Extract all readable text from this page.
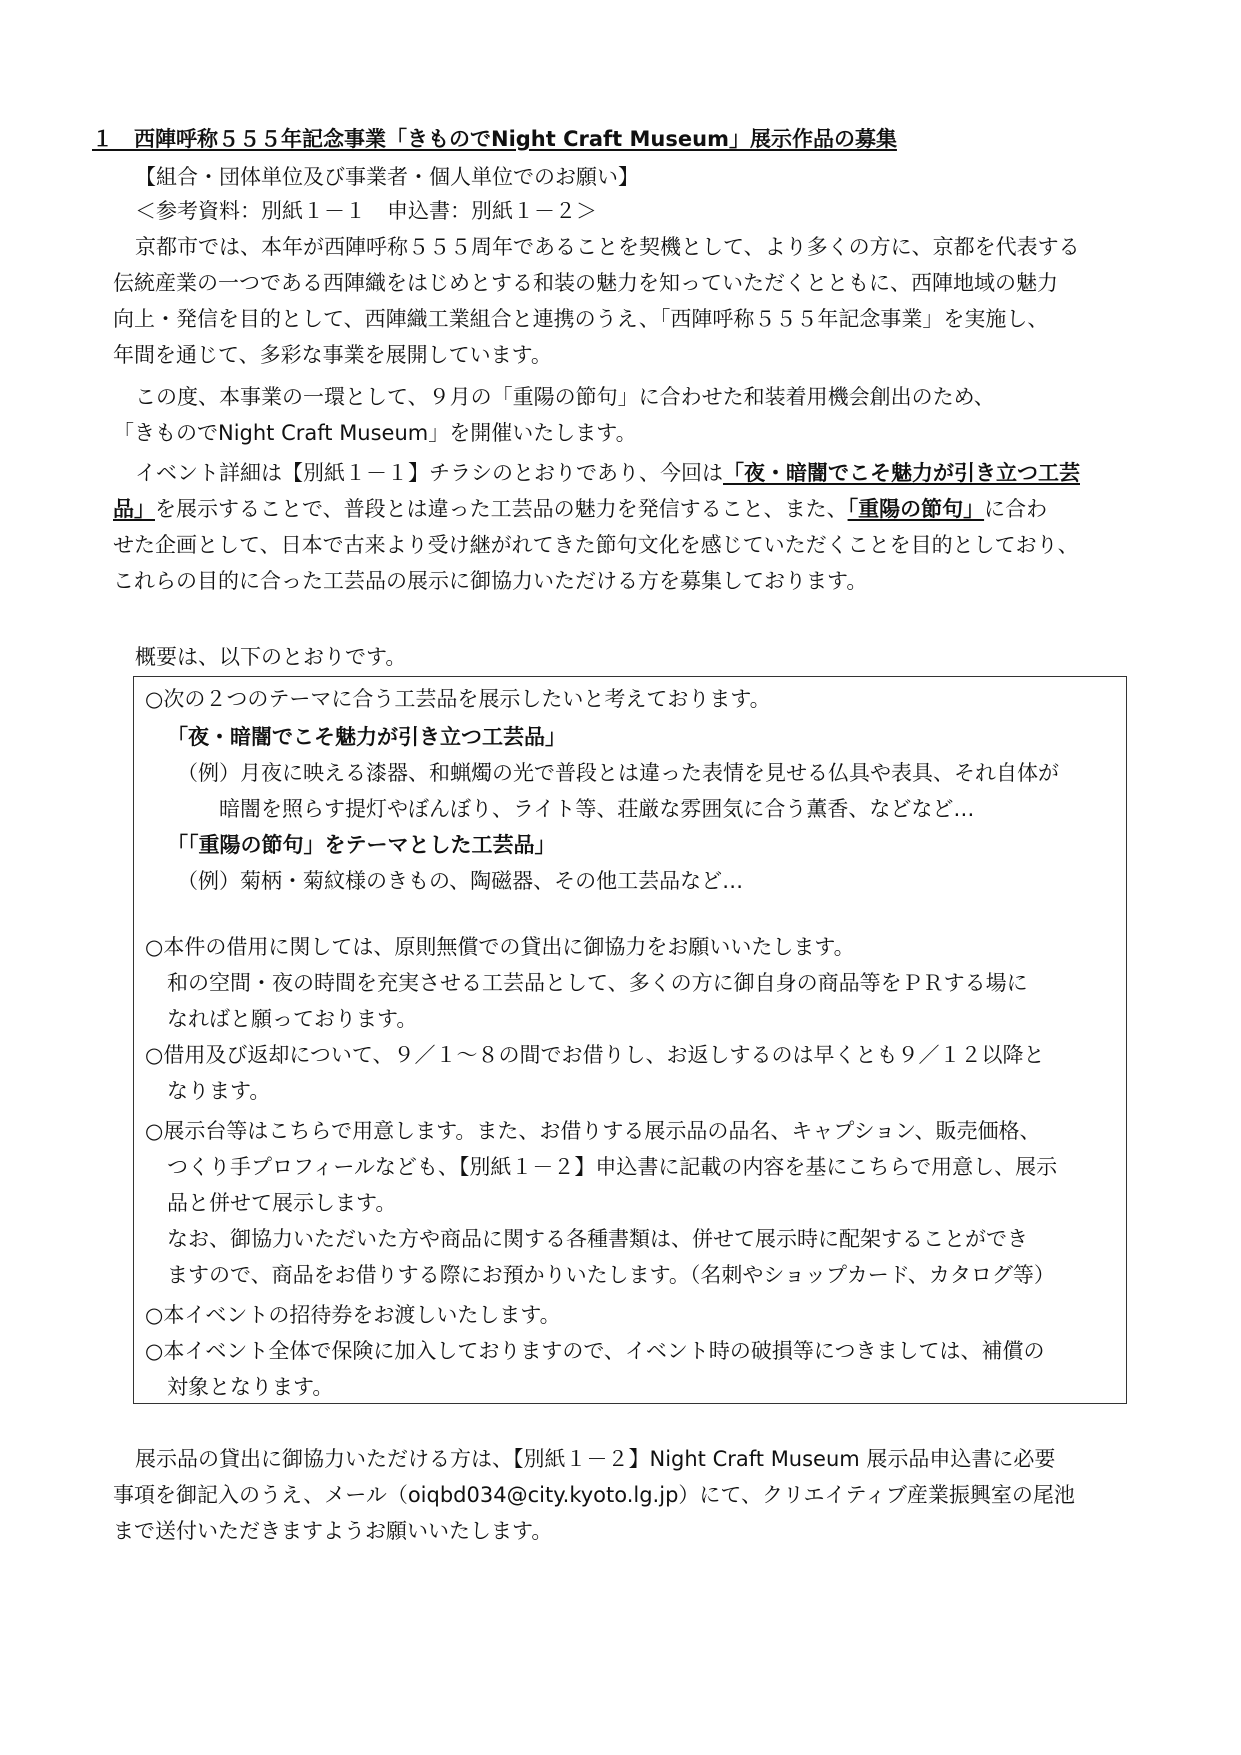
１　西陣呼称５５５年記念事業「きものでNight Craft Museum」展示作品の募集
【組合・団体単位及び事業者・個人単位でのお願い】
＜参考資料：別紙１－１　申込書：別紙１－２＞
京都市では、本年が西陣呼称５５５周年であることを契機として、より多くの方に、京都を代表する
伝統産業の一つである西陣織をはじめとする和装の魅力を知っていただくとともに、西陣地域の魅力
向上・発信を目的として、西陣織工業組合と連携のうえ、「西陣呼称５５５年記念事業」を実施し、
年間を通じて、多彩な事業を展開しています。
この度、本事業の一環として、９月の「重陽の節句」に合わせた和装着用機会創出のため、
「きものでNight Craft Museum」を開催いたします。
イベント詳細は【別紙１－１】チラシのとおりであり、今回は「夜・暗闇でこそ魅力が引き立つ工芸
品」を展示することで、普段とは違った工芸品の魅力を発信すること、また、「重陽の節句」に合わ
せた企画として、日本で古来より受け継がれてきた節句文化を感じていただくことを目的としており、
これらの目的に合った工芸品の展示に御協力いただける方を募集しております。
概要は、以下のとおりです。
○次の２つのテーマに合う工芸品を展示したいと考えております。
「夜・暗闇でこそ魅力が引き立つ工芸品」
（例）月夜に映える漆器、和蝋燭の光で普段とは違った表情を見せる仏具や表具、それ自体が
暗闇を照らす提灯やぼんぼり、ライト等、荘厳な雰囲気に合う薫香、などなど…
「「重陽の節句」をテーマとした工芸品」
（例）菊柄・菊紋様のきもの、陶磁器、その他工芸品など…
○本件の借用に関しては、原則無償での貸出に御協力をお願いいたします。
和の空間・夜の時間を充実させる工芸品として、多くの方に御自身の商品等をＰＲする場に
なればと願っております。
○借用及び返却について、９／１～８の間でお借りし、お返しするのは早くとも９／１２以降と
なります。
○展示台等はこちらで用意します。また、お借りする展示品の品名、キャプション、販売価格、
つくり手プロフィールなども、【別紙１－２】申込書に記載の内容を基にこちらで用意し、展示
品と併せて展示します。
なお、御協力いただいた方や商品に関する各種書類は、併せて展示時に配架することができ
ますので、商品をお借りする際にお預かりいたします。（名刺やショップカード、カタログ等）
○本イベントの招待券をお渡しいたします。
○本イベント全体で保険に加入しておりますので、イベント時の破損等につきましては、補償の
対象となります。
展示品の貸出に御協力いただける方は、【別紙１－２】Night Craft Museum 展示品申込書に必要
事項を御記入のうえ、メール（oiqbd034@city.kyoto.lg.jp）にて、クリエイティブ産業振興室の尾池
まで送付いただきますようお願いいたします。
